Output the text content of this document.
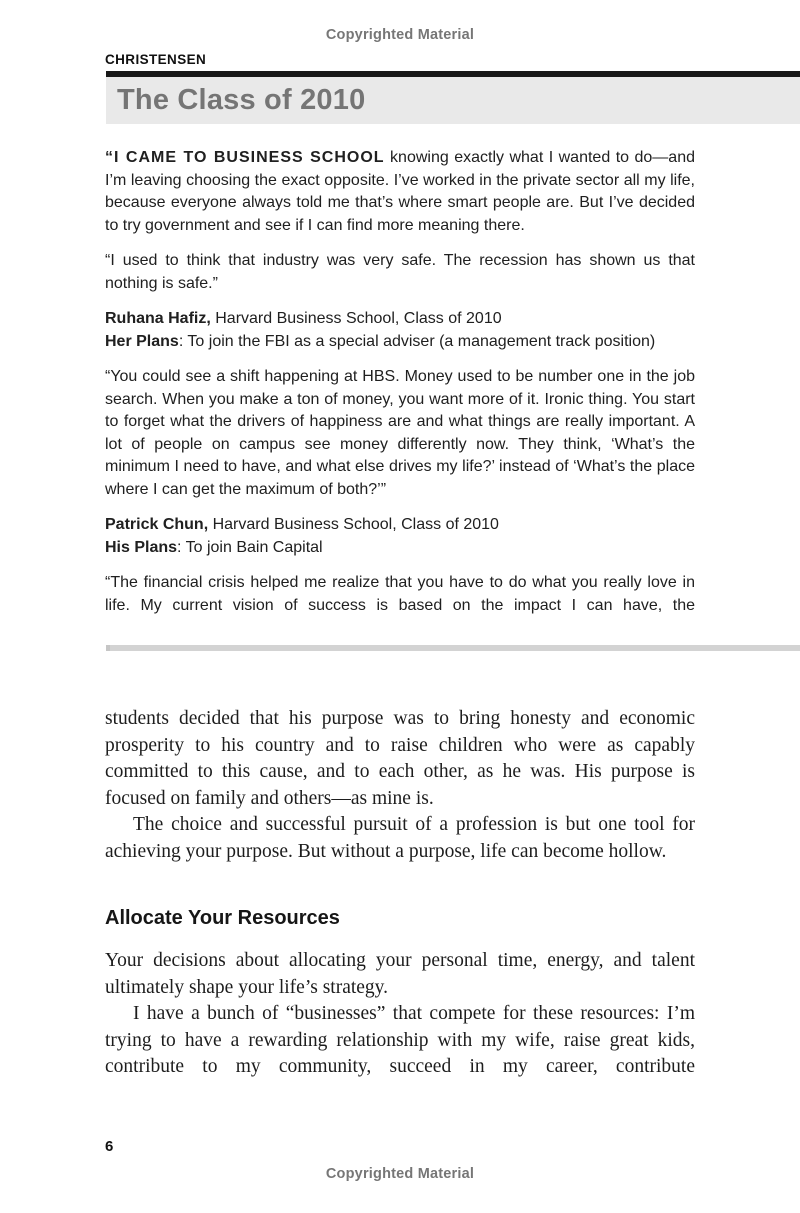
Copyrighted Material
CHRISTENSEN
The Class of 2010

“I CAME TO BUSINESS SCHOOL knowing exactly what I wanted to do—and I’m leaving choosing the exact opposite. I’ve worked in the private sector all my life, because everyone always told me that’s where smart people are. But I’ve decided to try government and see if I can find more meaning there.

“I used to think that industry was very safe. The recession has shown us that nothing is safe.”

Ruhana Hafiz, Harvard Business School, Class of 2010
Her Plans: To join the FBI as a special adviser (a management track position)

“You could see a shift happening at HBS. Money used to be number one in the job search. When you make a ton of money, you want more of it. Ironic thing. You start to forget what the drivers of happiness are and what things are really important. A lot of people on campus see money differently now. They think, ‘What’s the minimum I need to have, and what else drives my life?’ instead of ‘What’s the place where I can get the maximum of both?’”

Patrick Chun, Harvard Business School, Class of 2010
His Plans: To join Bain Capital

“The financial crisis helped me realize that you have to do what you really love in life. My current vision of success is based on the impact I can have, the

students decided that his purpose was to bring honesty and economic prosperity to his country and to raise children who were as capably committed to this cause, and to each other, as he was. His purpose is focused on family and others—as mine is.

The choice and successful pursuit of a profession is but one tool for achieving your purpose. But without a purpose, life can become hollow.

Allocate Your Resources

Your decisions about allocating your personal time, energy, and talent ultimately shape your life’s strategy.

I have a bunch of “businesses” that compete for these resources: I’m trying to have a rewarding relationship with my wife, raise great kids, contribute to my community, succeed in my career, contribute

6
Copyrighted Material
